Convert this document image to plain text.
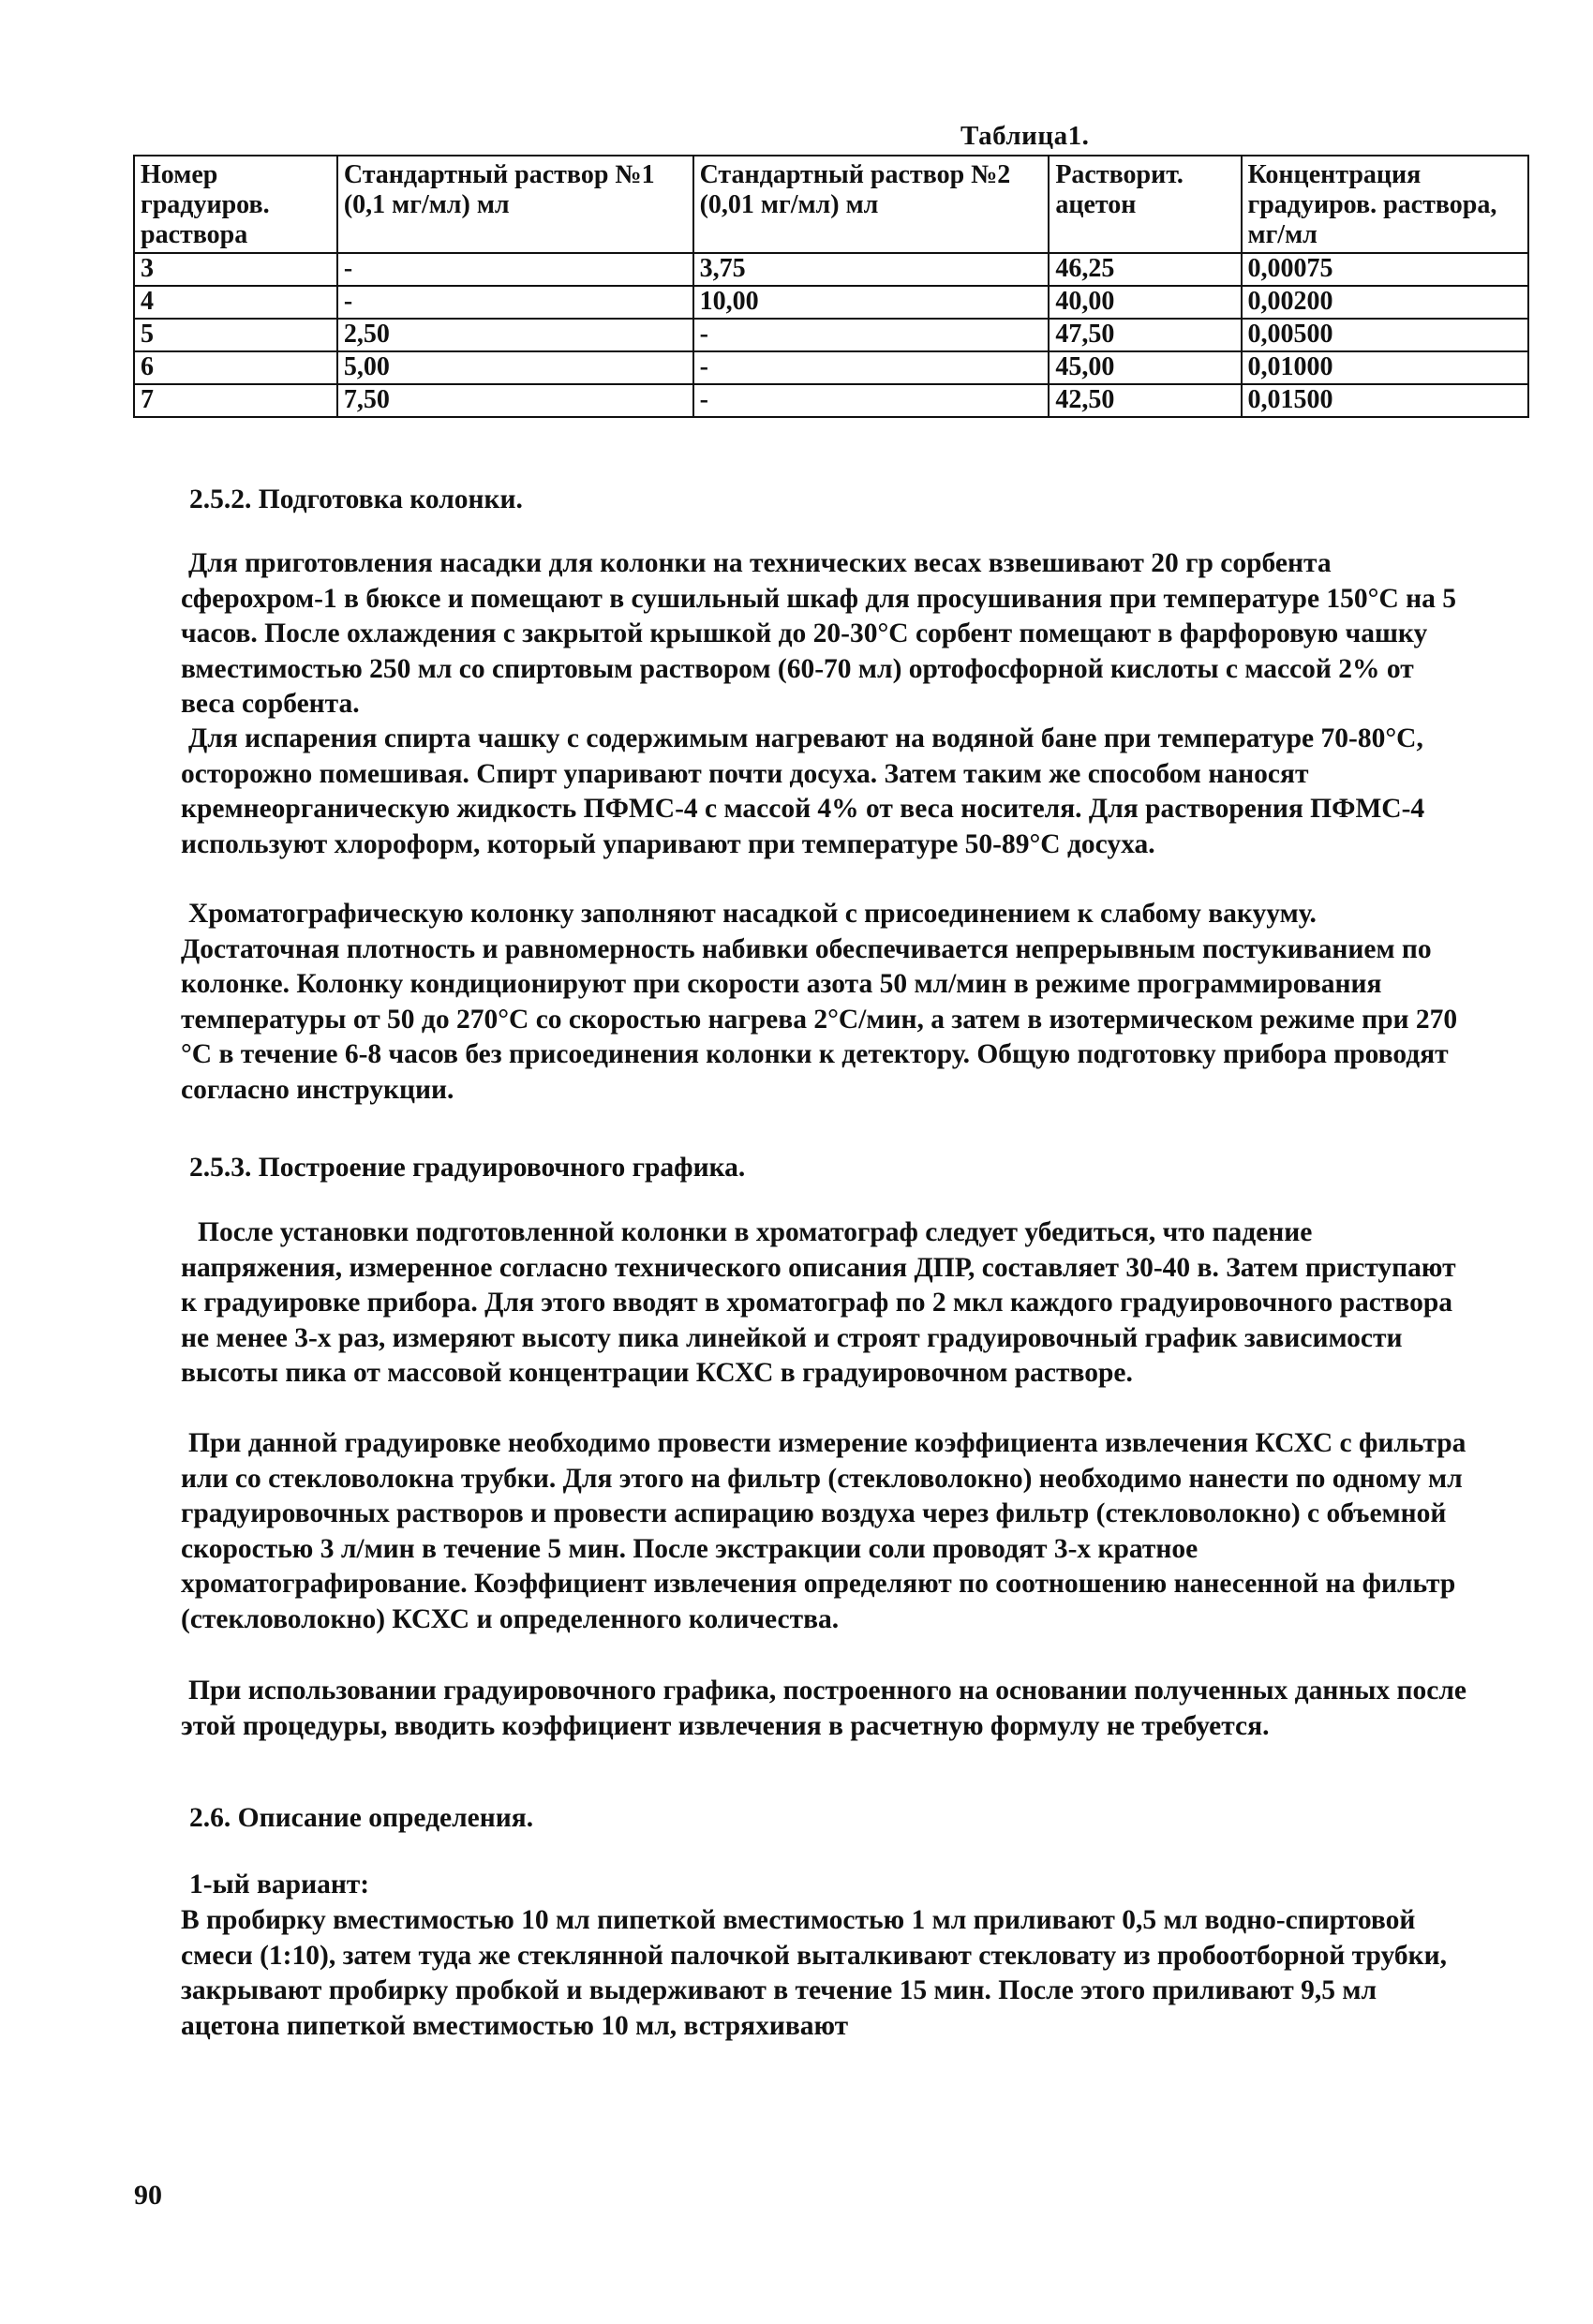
Таблица1.
Номер градуиров. раствора	Стандартный раствор №1 (0,1 мг/мл) мл	Стандартный раствор №2 (0,01 мг/мл) мл	Растворит. ацетон	Концентрация градуиров. раствора, мг/мл
3	-	3,75	46,25	0,00075
4	-	10,00	40,00	0,00200
5	2,50	-	47,50	0,00500
6	5,00	-	45,00	0,01000
7	7,50	-	42,50	0,01500

2.5.2. Подготовка колонки.

Для приготовления насадки для колонки на технических весах взвешивают 20 гр сорбента сферохром-1 в бюксе и помещают в сушильный шкаф для просушивания при температуре 150°С на 5 часов. После охлаждения с закрытой крышкой до 20-30°С сорбент помещают в фарфоровую чашку вместимостью 250 мл со спиртовым раствором (60-70 мл) ортофосфорной кислоты с массой 2% от веса сорбента.

Для испарения спирта чашку с содержимым нагревают на водяной бане при температуре 70-80°С, осторожно помешивая. Спирт упаривают почти досуха. Затем таким же способом наносят кремнеорганическую жидкость ПФМС-4 с массой 4% от веса носителя. Для растворения ПФМС-4 используют хлороформ, который упаривают при температуре 50-89°С досуха.

Хроматографическую колонку заполняют насадкой с присоединением к слабому вакууму. Достаточная плотность и равномерность набивки обеспечивается непрерывным постукиванием по колонке. Колонку кондиционируют при скорости азота 50 мл/мин в режиме программирования температуры от 50 до 270°С со скоростью нагрева 2°С/мин, а затем в изотермическом режиме при 270 °С в течение 6-8 часов без присоединения колонки к детектору. Общую подготовку прибора проводят согласно инструкции.

2.5.3. Построение градуировочного графика.

После установки подготовленной колонки в хроматограф следует убедиться, что падение напряжения, измеренное согласно технического описания ДПР, составляет 30-40 в. Затем приступают к градуировке прибора. Для этого вводят в хроматограф по 2 мкл каждого градуировочного раствора не менее 3-х раз, измеряют высоту пика линейкой и строят градуировочный график зависимости высоты пика от массовой концентрации КСХС в градуировочном растворе.

При данной градуировке необходимо провести измерение коэффициента извлечения КСХС с фильтра или со стекловолокна трубки. Для этого на фильтр (стекловолокно) необходимо нанести по одному мл градуировочных растворов и провести аспирацию воздуха через фильтр (стекловолокно) с объемной скоростью 3 л/мин в течение 5 мин. После экстракции соли проводят 3-х кратное хроматографирование. Коэффициент извлечения определяют по соотношению нанесенной на фильтр (стекловолокно) КСХС и определенного количества.

При использовании градуировочного графика, построенного на основании полученных данных после этой процедуры, вводить коэффициент извлечения в расчетную формулу не требуется.

2.6. Описание определения.

1-ый вариант:

В пробирку вместимостью 10 мл пипеткой вместимостью 1 мл приливают 0,5 мл водно-спиртовой смеси (1:10), затем туда же стеклянной палочкой выталкивают стекловату из пробоотборной трубки, закрывают пробирку пробкой и выдерживают в течение 15 мин. После этого приливают 9,5 мл ацетона пипеткой вместимостью 10 мл, встряхивают

90
